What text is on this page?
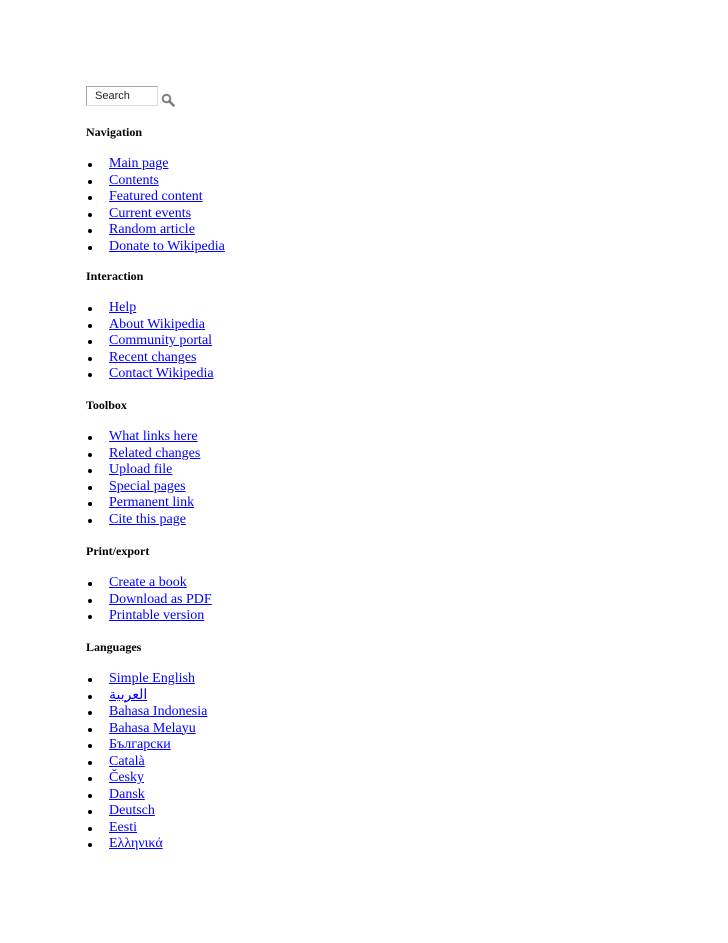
Search
Navigation
Main page
Contents
Featured content
Current events
Random article
Donate to Wikipedia
Interaction
Help
About Wikipedia
Community portal
Recent changes
Contact Wikipedia
Toolbox
What links here
Related changes
Upload file
Special pages
Permanent link
Cite this page
Print/export
Create a book
Download as PDF
Printable version
Languages
Simple English
العربية
Bahasa Indonesia
Bahasa Melayu
Български
Català
Česky
Dansk
Deutsch
Eesti
Ελληνικά
